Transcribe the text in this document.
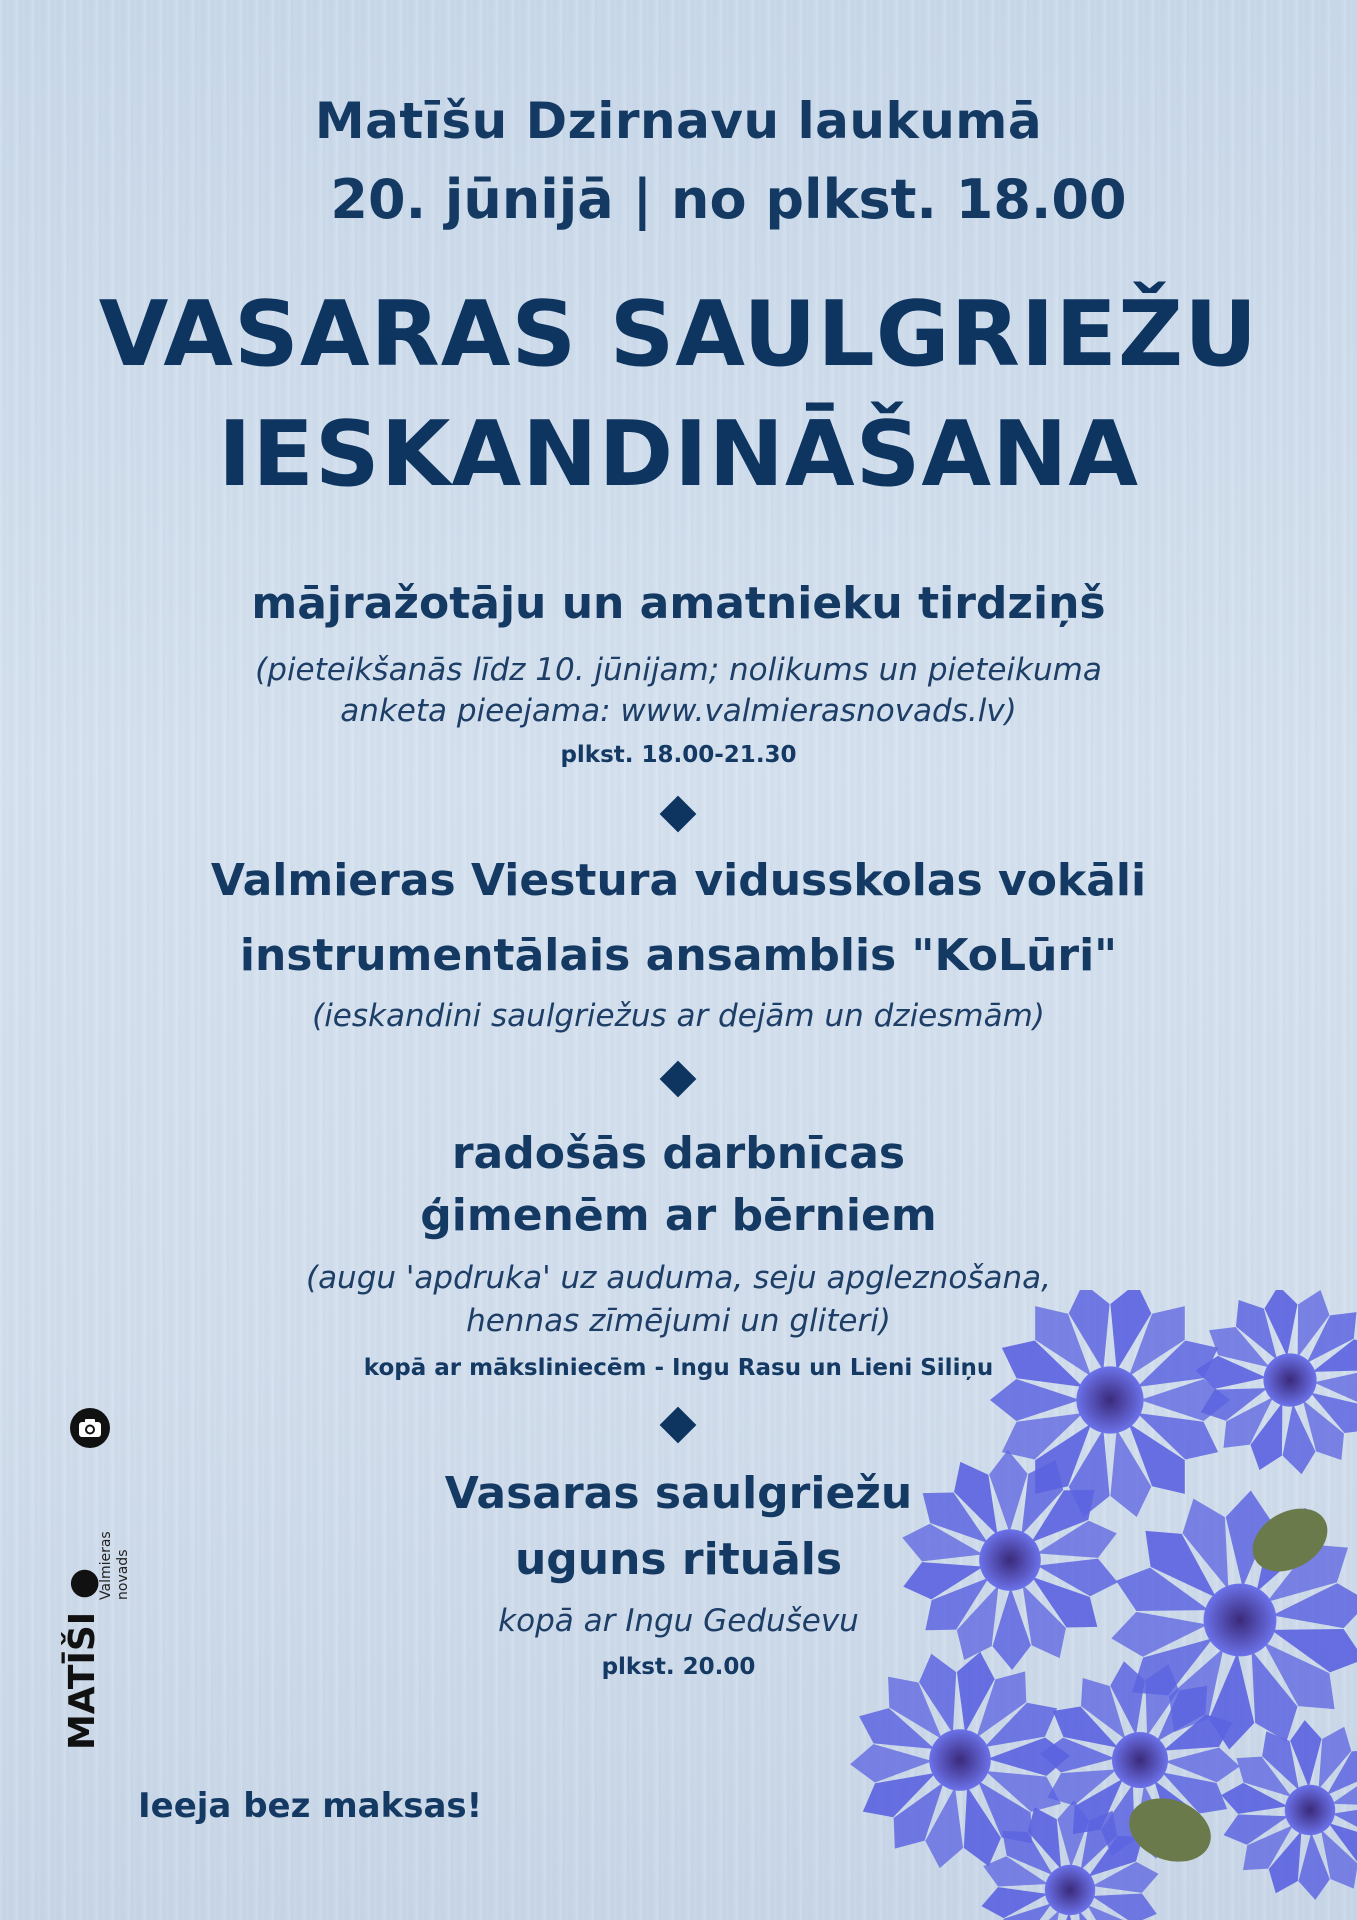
Matīšu Dzirnavu laukumā
20. jūnijā | no plkst. 18.00
VASARAS SAULGRIEŽU
IESKANDINĀŠANA
mājražotāju un amatnieku tirdziņš
(pieteikšanās līdz 10. jūnijam; nolikums un pieteikuma
anketa pieejama: www.valmierasnovads.lv)
plkst. 18.00-21.30
Valmieras Viestura vidusskolas vokāli
instrumentālais ansamblis "KoLūri"
(ieskandini saulgriežus ar dejām un dziesmām)
radošās darbnīcas
ģimenēm ar bērniem
(augu 'apdruka' uz auduma, seju apgleznošana,
hennas zīmējumi un gliteri)
kopā ar māksliniecēm - Ingu Rasu un Lieni Siliņu
Vasaras saulgriežu
uguns rituāls
kopā ar Ingu Geduševu
plkst. 20.00
MATĪŠI ●
Valmieras novads
Ieeja bez maksas!
